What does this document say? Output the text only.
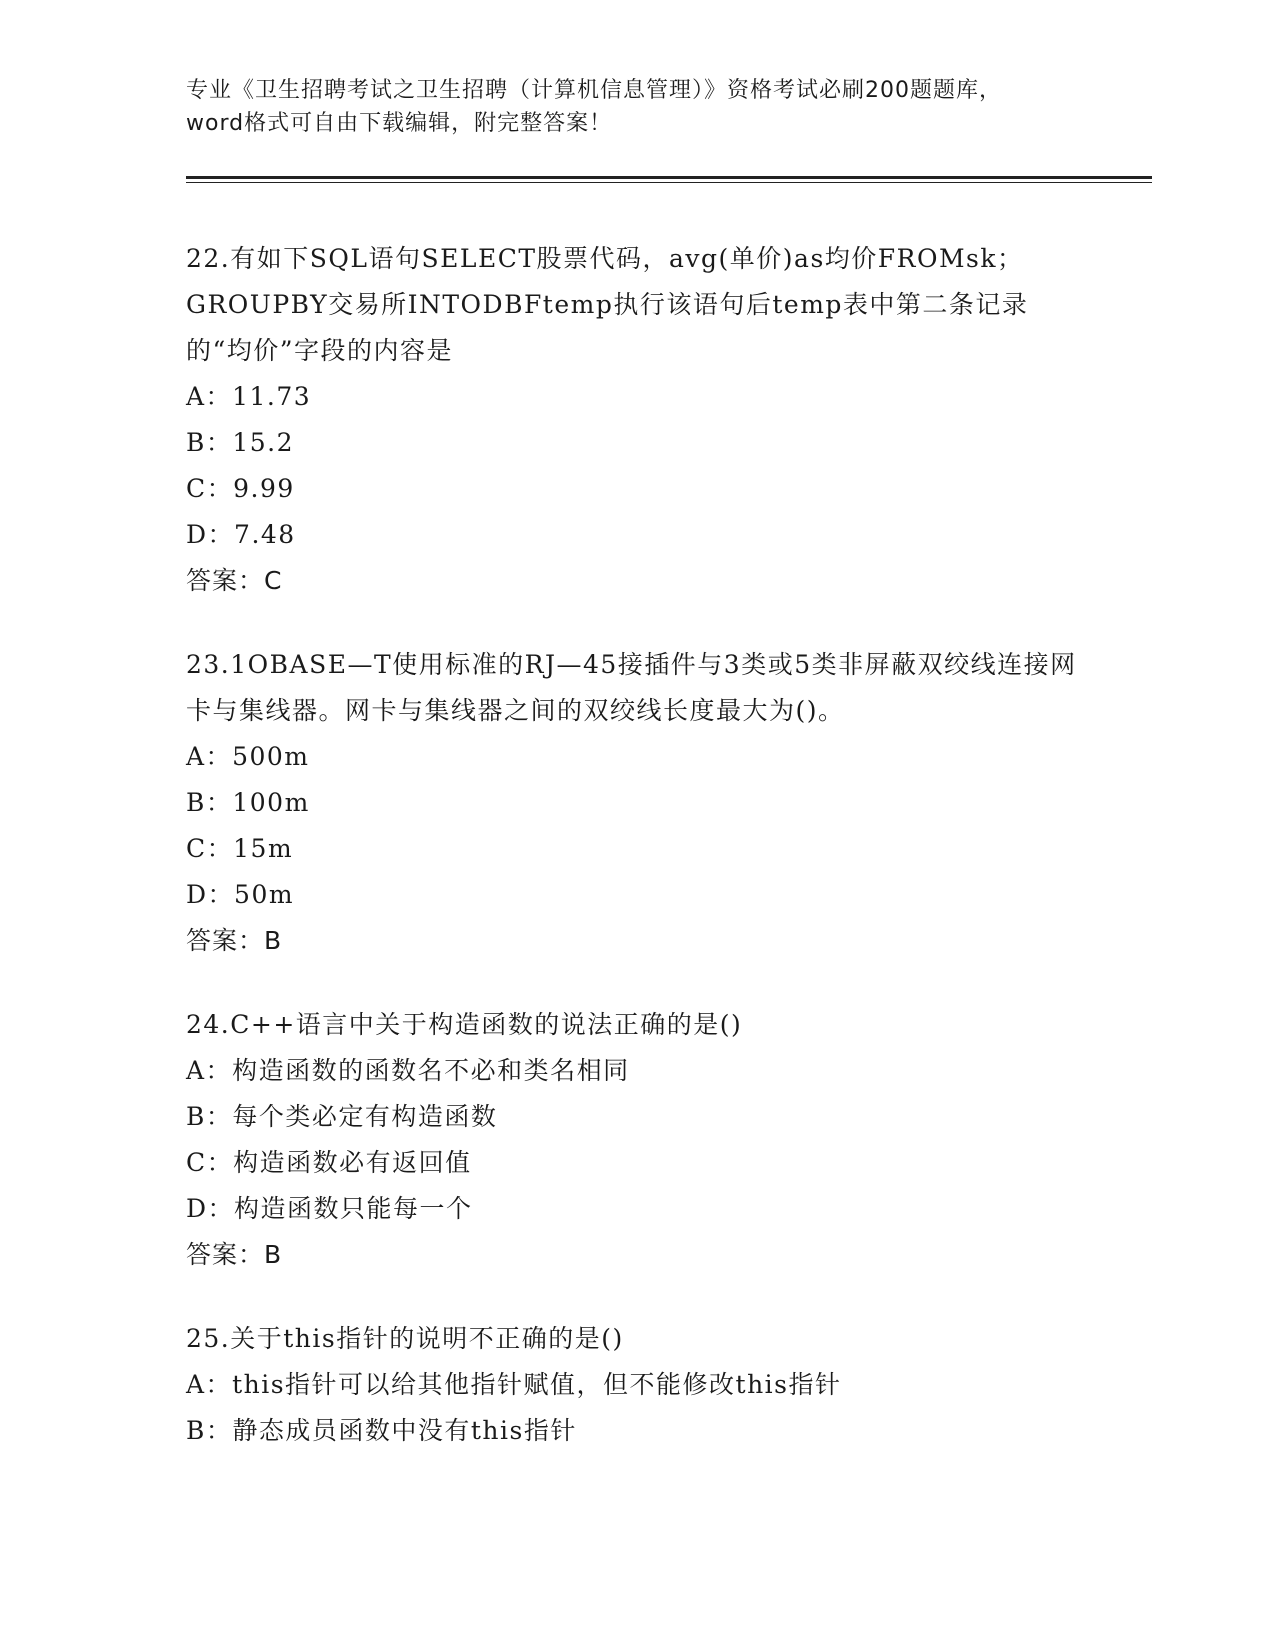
专业《卫生招聘考试之卫生招聘（计算机信息管理）》资格考试必刷200题题库，
word格式可自由下载编辑，附完整答案！
22.有如下SQL语句SELECT股票代码，avg(单价)as均价FROMsk；GROUPBY交易所INTODBFtemp执行该语句后temp表中第二条记录的“均价”字段的内容是
A：11.73
B：15.2
C：9.99
D：7.48
答案：C
23.1OBASE—T使用标准的RJ—45接插件与3类或5类非屏蔽双绞线连接网卡与集线器。网卡与集线器之间的双绞线长度最大为()。
A：500m
B：100m
C：15m
D：50m
答案：B
24.C++语言中关于构造函数的说法正确的是()
A：构造函数的函数名不必和类名相同
B：每个类必定有构造函数
C：构造函数必有返回值
D：构造函数只能每一个
答案：B
25.关于this指针的说明不正确的是()
A：this指针可以给其他指针赋值，但不能修改this指针
B：静态成员函数中没有this指针
